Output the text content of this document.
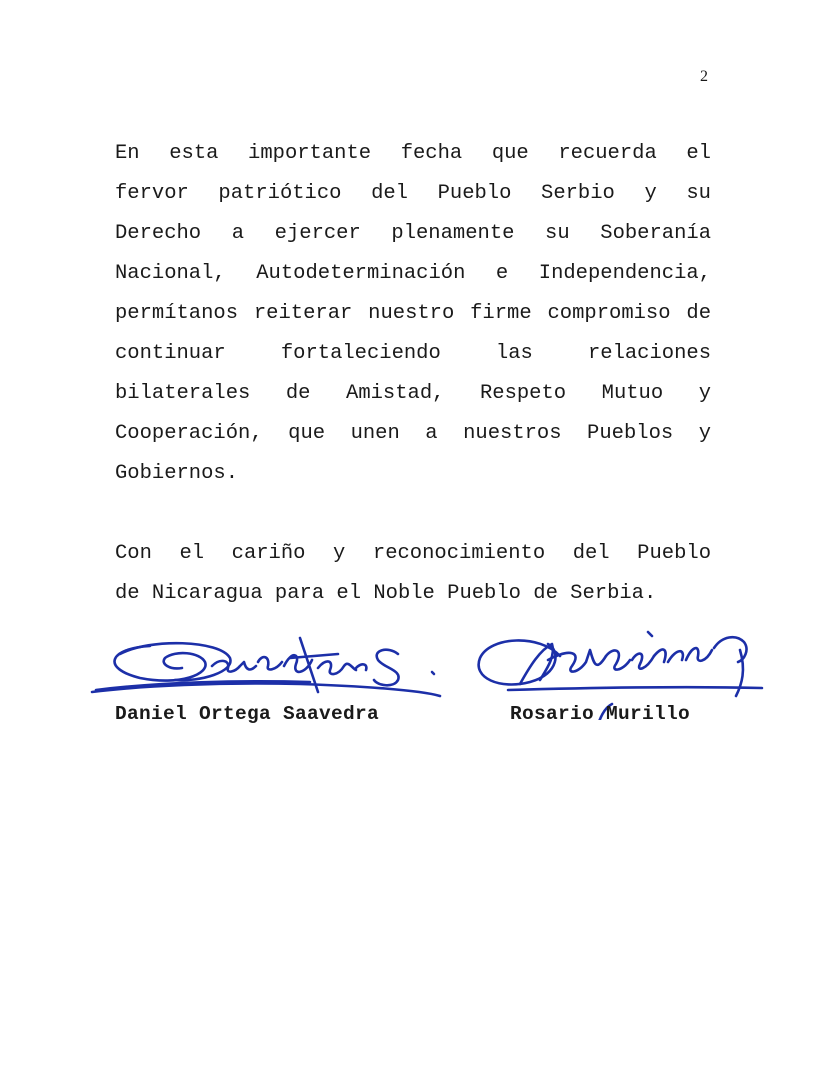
2
En esta importante fecha que recuerda el
fervor patriótico del Pueblo Serbio y su
Derecho a ejercer plenamente su Soberanía
Nacional, Autodeterminación e Independencia,
permítanos reiterar nuestro firme compromiso de
continuar fortaleciendo las relaciones
bilaterales de Amistad, Respeto Mutuo y
Cooperación, que unen a nuestros Pueblos y
Gobiernos.
Con el cariño y reconocimiento del Pueblo
de Nicaragua para el Noble Pueblo de Serbia.
Daniel Ortega Saavedra	Rosario Murillo
